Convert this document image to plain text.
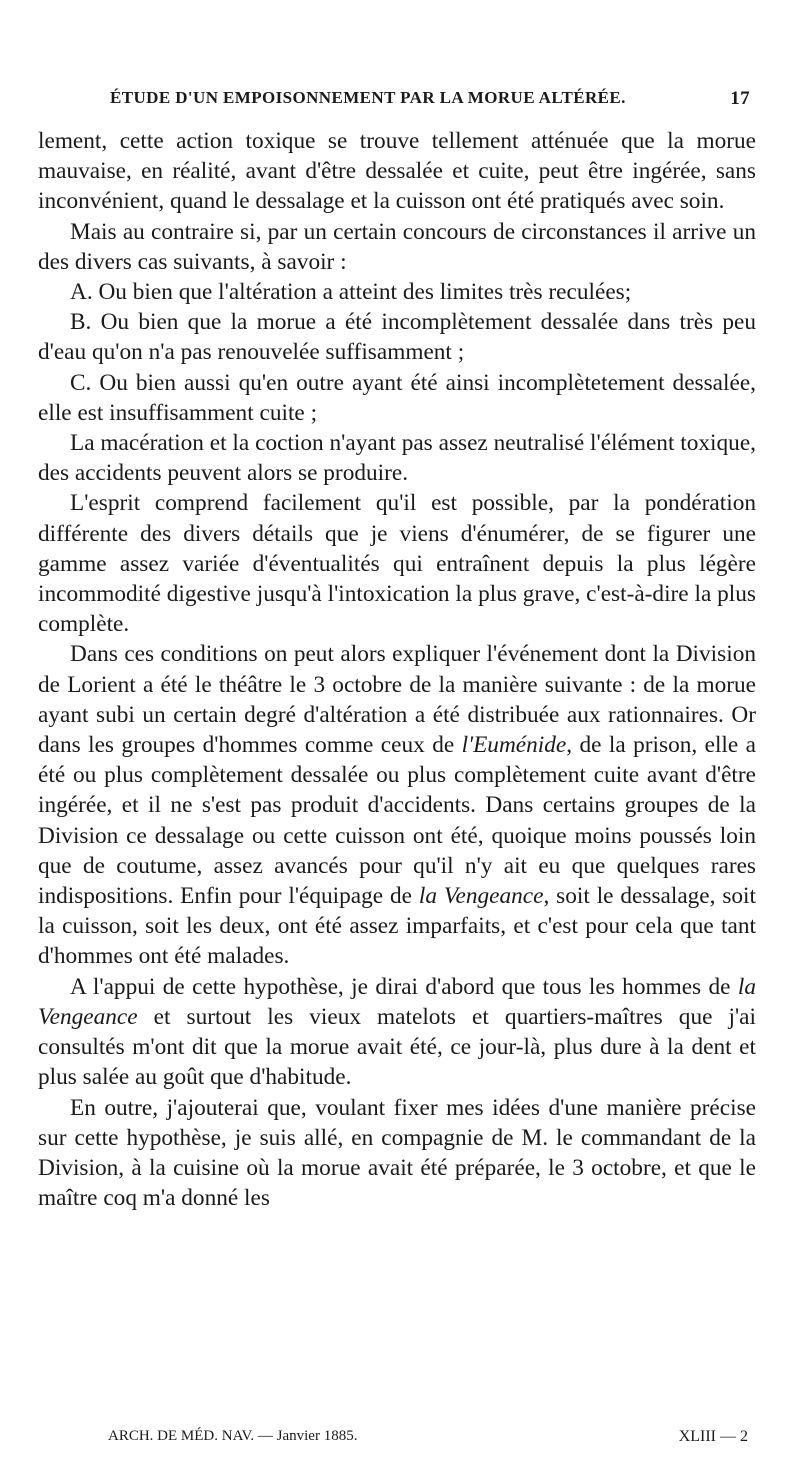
ÉTUDE D'UN EMPOISONNEMENT PAR LA MORUE ALTÉRÉE.	17

lement, cette action toxique se trouve tellement atténuée que la morue mauvaise, en réalité, avant d'être dessalée et cuite, peut être ingérée, sans inconvénient, quand le dessalage et la cuisson ont été pratiqués avec soin.

Mais au contraire si, par un certain concours de circonstances il arrive un des divers cas suivants, à savoir :

A. Ou bien que l'altération a atteint des limites très reculées;

B. Ou bien que la morue a été incomplètement dessalée dans très peu d'eau qu'on n'a pas renouvelée suffisamment ;

C. Ou bien aussi qu'en outre ayant été ainsi incomplètetement dessalée, elle est insuffisamment cuite ;

La macération et la coction n'ayant pas assez neutralisé l'élément toxique, des accidents peuvent alors se produire.

L'esprit comprend facilement qu'il est possible, par la pondération différente des divers détails que je viens d'énumérer, de se figurer une gamme assez variée d'éventualités qui entraînent depuis la plus légère incommodité digestive jusqu'à l'intoxication la plus grave, c'est-à-dire la plus complète.

Dans ces conditions on peut alors expliquer l'événement dont la Division de Lorient a été le théâtre le 3 octobre de la manière suivante : de la morue ayant subi un certain degré d'altération a été distribuée aux rationnaires. Or dans les groupes d'hommes comme ceux de l'Euménide, de la prison, elle a été ou plus complètement dessalée ou plus complètement cuite avant d'être ingérée, et il ne s'est pas produit d'accidents. Dans certains groupes de la Division ce dessalage ou cette cuisson ont été, quoique moins poussés loin que de coutume, assez avancés pour qu'il n'y ait eu que quelques rares indispositions. Enfin pour l'équipage de la Vengeance, soit le dessalage, soit la cuisson, soit les deux, ont été assez imparfaits, et c'est pour cela que tant d'hommes ont été malades.

A l'appui de cette hypothèse, je dirai d'abord que tous les hommes de la Vengeance et surtout les vieux matelots et quartiers-maîtres que j'ai consultés m'ont dit que la morue avait été, ce jour-là, plus dure à la dent et plus salée au goût que d'habitude.

En outre, j'ajouterai que, voulant fixer mes idées d'une manière précise sur cette hypothèse, je suis allé, en compagnie de M. le commandant de la Division, à la cuisine où la morue avait été préparée, le 3 octobre, et que le maître coq m'a donné les

ARCH. DE MÉD. NAV. — Janvier 1885.	XLIII — 2
